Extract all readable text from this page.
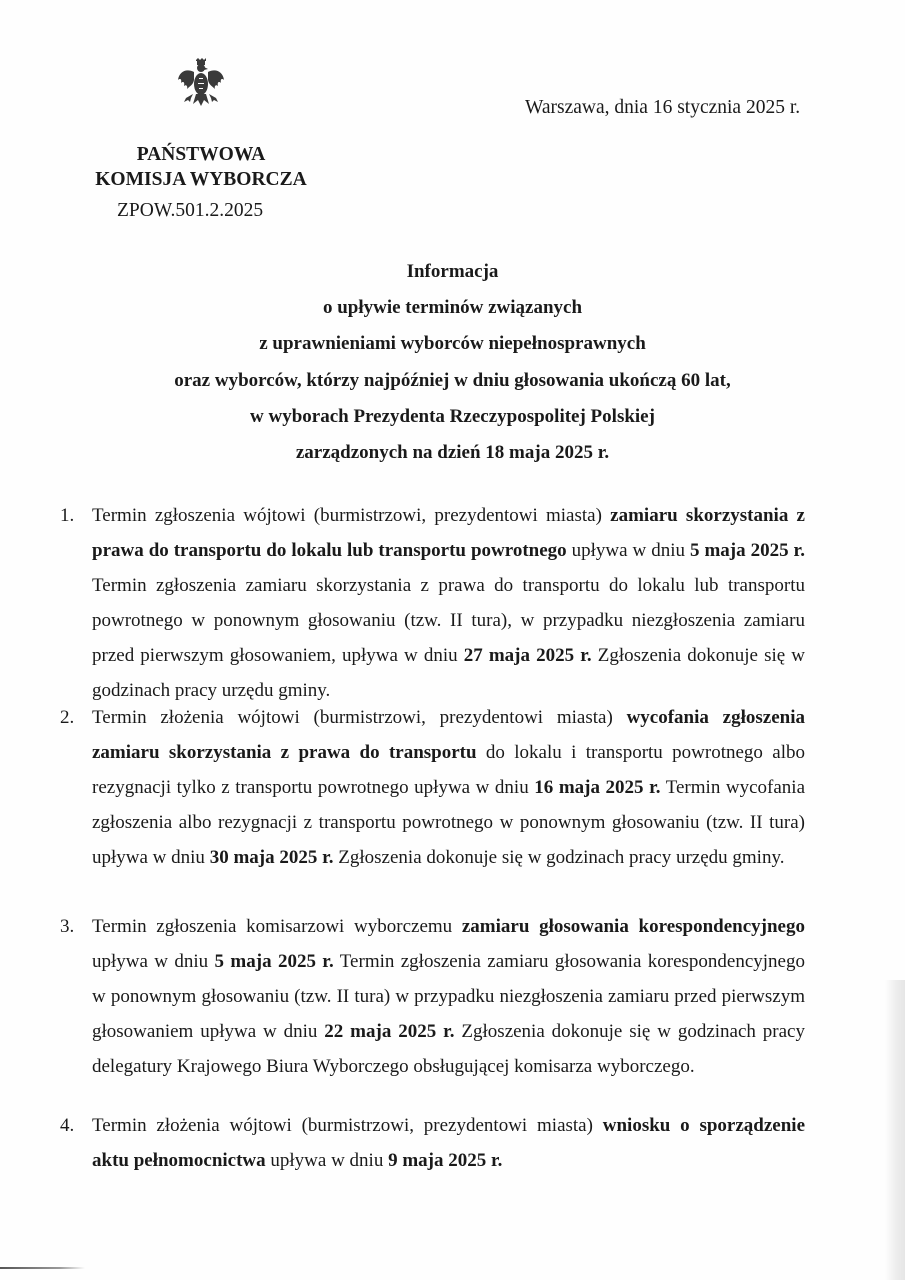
Warszawa, dnia 16 stycznia 2025 r.
PAŃSTWOWA
KOMISJA WYBORCZA
ZPOW.501.2.2025
Informacja
o upływie terminów związanych
z uprawnieniami wyborców niepełnosprawnych
oraz wyborców, którzy najpóźniej w dniu głosowania ukończą 60 lat,
w wyborach Prezydenta Rzeczypospolitej Polskiej
zarządzonych na dzień 18 maja 2025 r.
1. Termin zgłoszenia wójtowi (burmistrzowi, prezydentowi miasta) zamiaru skorzystania z prawa do transportu do lokalu lub transportu powrotnego upływa w dniu 5 maja 2025 r. Termin zgłoszenia zamiaru skorzystania z prawa do transportu do lokalu lub transportu powrotnego w ponownym głosowaniu (tzw. II tura), w przypadku niezgłoszenia zamiaru przed pierwszym głosowaniem, upływa w dniu 27 maja 2025 r. Zgłoszenia dokonuje się w godzinach pracy urzędu gminy.
2. Termin złożenia wójtowi (burmistrzowi, prezydentowi miasta) wycofania zgłoszenia zamiaru skorzystania z prawa do transportu do lokalu i transportu powrotnego albo rezygnacji tylko z transportu powrotnego upływa w dniu 16 maja 2025 r. Termin wycofania zgłoszenia albo rezygnacji z transportu powrotnego w ponownym głosowaniu (tzw. II tura) upływa w dniu 30 maja 2025 r. Zgłoszenia dokonuje się w godzinach pracy urzędu gminy.
3. Termin zgłoszenia komisarzowi wyborczemu zamiaru głosowania korespondencyjnego upływa w dniu 5 maja 2025 r. Termin zgłoszenia zamiaru głosowania korespondencyjnego w ponownym głosowaniu (tzw. II tura) w przypadku niezgłoszenia zamiaru przed pierwszym głosowaniem upływa w dniu 22 maja 2025 r. Zgłoszenia dokonuje się w godzinach pracy delegatury Krajowego Biura Wyborczego obsługującej komisarza wyborczego.
4. Termin złożenia wójtowi (burmistrzowi, prezydentowi miasta) wniosku o sporządzenie aktu pełnomocnictwa upływa w dniu 9 maja 2025 r.
